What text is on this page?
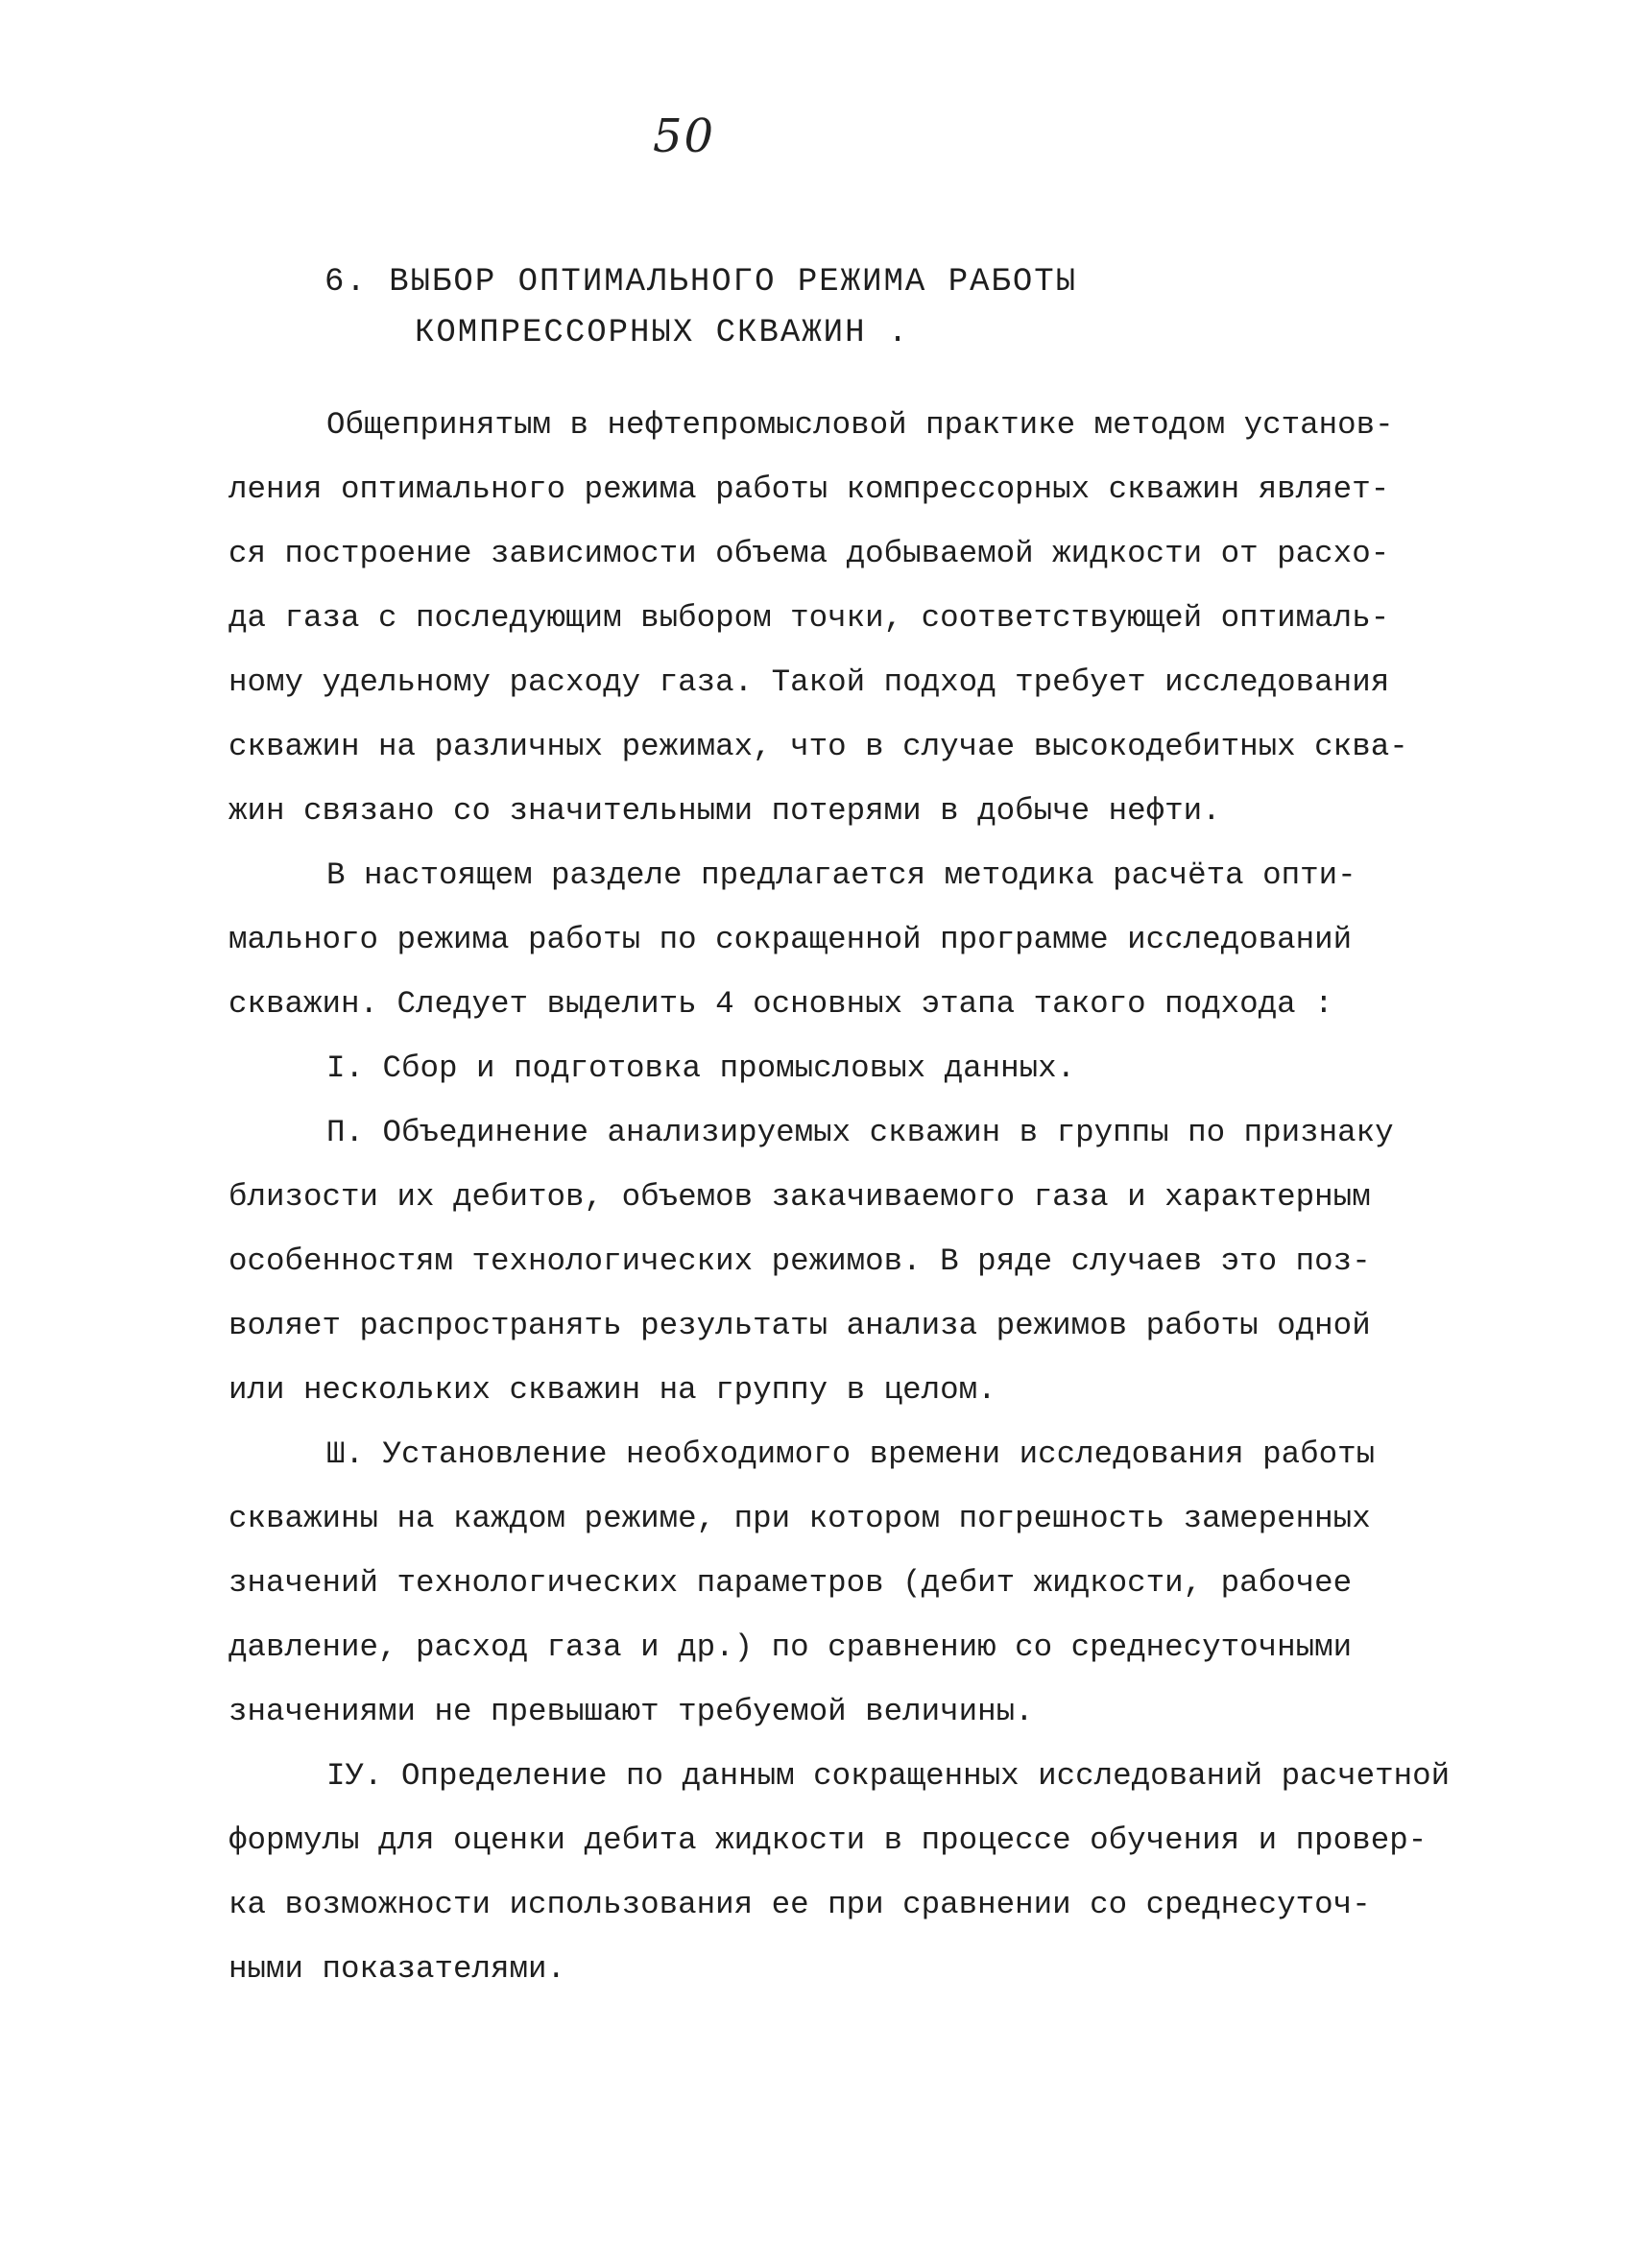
50
6. ВЫБОР ОПТИМАЛЬНОГО РЕЖИМА РАБОТЫ
КОМПРЕССОРНЫХ СКВАЖИН .
Общепринятым в нефтепромысловой практике методом установ-
ления оптимального режима работы компрессорных скважин являет-
ся построение зависимости объема добываемой жидкости от расхо-
да газа с последующим выбором точки, соответствующей оптималь-
ному удельному расходу газа. Такой подход требует исследования
скважин на различных режимах, что в случае высокодебитных сква-
жин связано со значительными потерями в добыче нефти.
В настоящем разделе предлагается методика расчёта опти-
мального режима работы по сокращенной программе исследований
скважин. Следует выделить 4 основных этапа такого подхода :
I. Сбор и подготовка промысловых данных.
П. Объединение анализируемых скважин в группы по признаку
близости их дебитов, объемов закачиваемого газа и характерным
особенностям технологических режимов. В ряде случаев это поз-
воляет распространять результаты анализа режимов работы одной
или нескольких скважин на группу в целом.
Ш. Установление необходимого времени исследования работы
скважины на каждом режиме, при котором погрешность замеренных
значений технологических параметров (дебит жидкости, рабочее
давление, расход газа и др.) по сравнению со среднесуточными
значениями не превышают требуемой величины.
ІУ. Определение по данным сокращенных исследований расчетной
формулы для оценки дебита жидкости в процессе обучения и провер-
ка возможности использования ее при сравнении со среднесуточ-
ными показателями.
